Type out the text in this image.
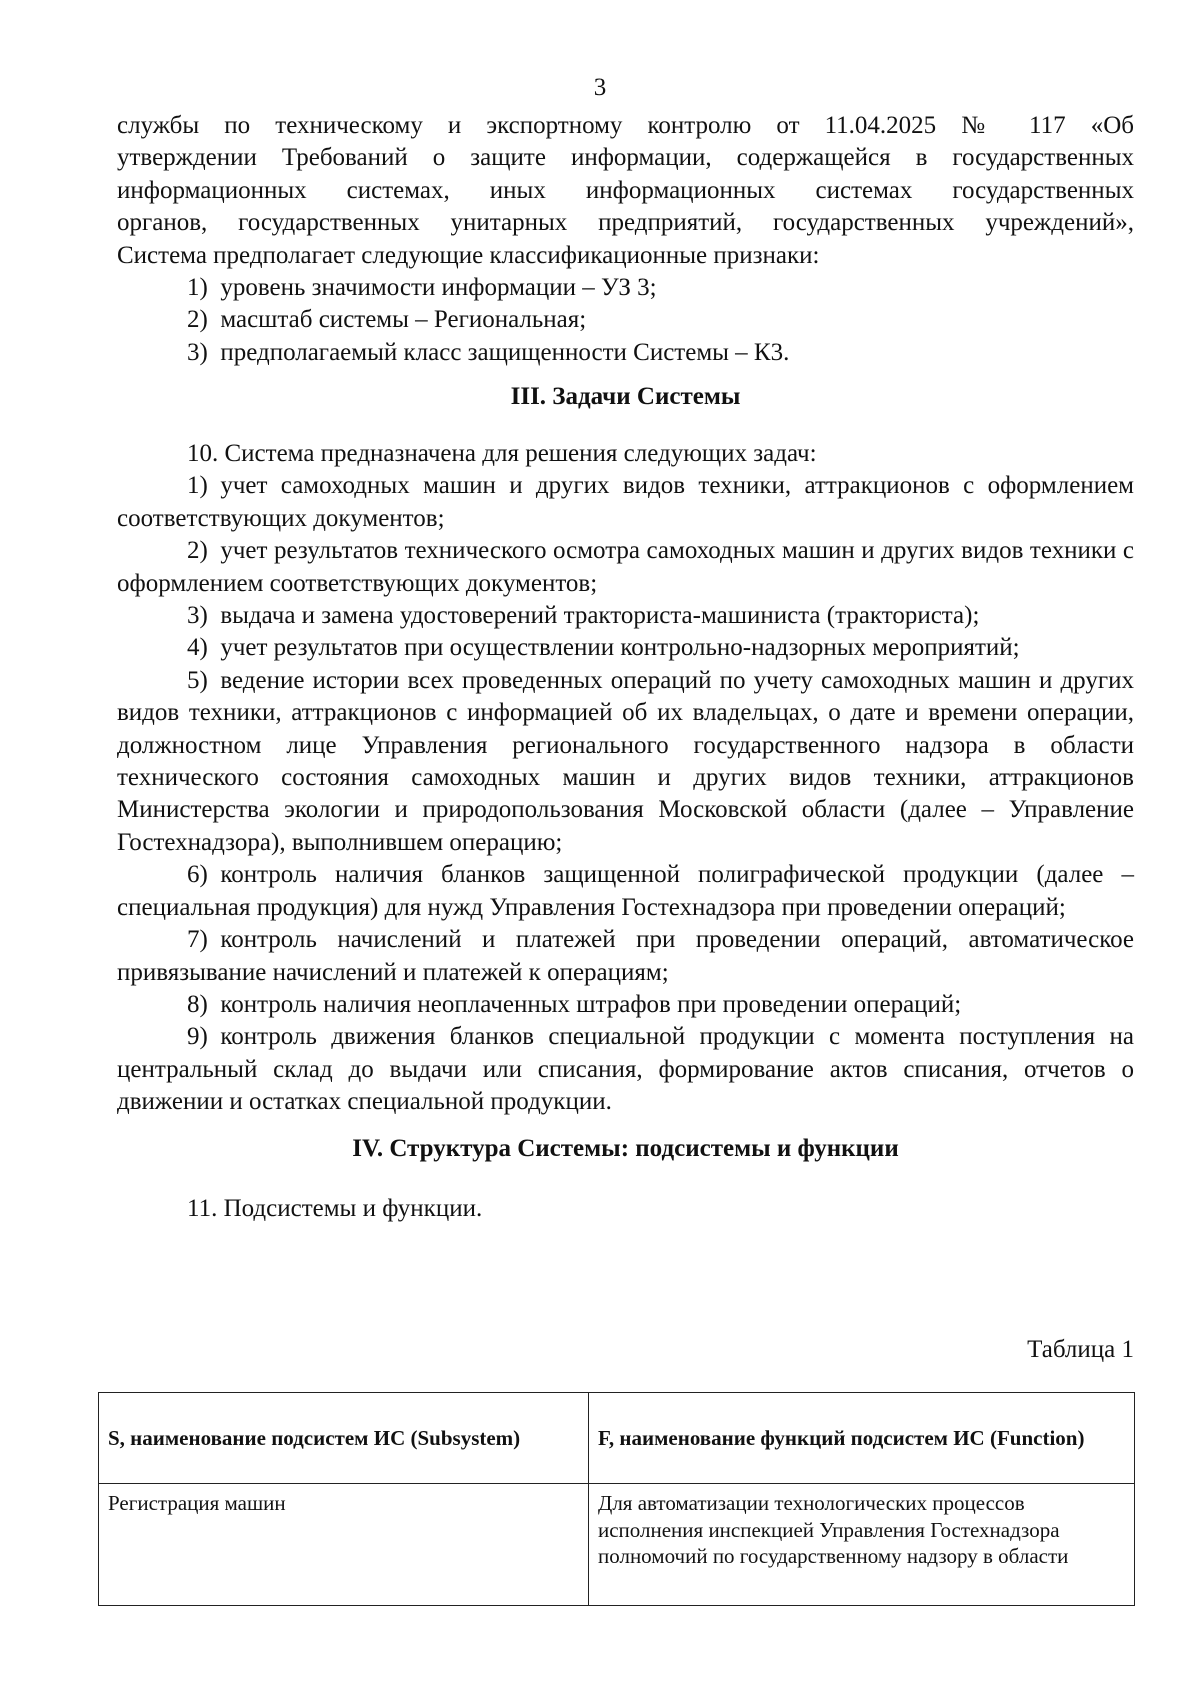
3

службы по техническому и экспортному контролю от 11.04.2025 № 117 «Об

утверждении Требований о защите информации, содержащейся в государственных

информационных системах, иных информационных системах государственных

органов, государственных унитарных предприятий, государственных учреждений»,

Система предполагает следующие классификационные признаки:

1) уровень значимости информации – УЗ 3;

2) масштаб системы – Региональная;

3) предполагаемый класс защищенности Системы – К3.

III. Задачи Системы

10. Система предназначена для решения следующих задач:

1) учет самоходных машин и других видов техники, аттракционов с оформлением соответствующих документов;

2) учет результатов технического осмотра самоходных машин и других видов техники с оформлением соответствующих документов;

3) выдача и замена удостоверений тракториста-машиниста (тракториста);

4) учет результатов при осуществлении контрольно-надзорных мероприятий;

5) ведение истории всех проведенных операций по учету самоходных машин и других видов техники, аттракционов с информацией об их владельцах, о дате и времени операции, должностном лице Управления регионального государственного надзора в области технического состояния самоходных машин и других видов техники, аттракционов Министерства экологии и природопользования Московской области (далее – Управление Гостехнадзора), выполнившем операцию;

6) контроль наличия бланков защищенной полиграфической продукции (далее – специальная продукция) для нужд Управления Гостехнадзора при проведении операций;

7) контроль начислений и платежей при проведении операций, автоматическое привязывание начислений и платежей к операциям;

8) контроль наличия неоплаченных штрафов при проведении операций;

9) контроль движения бланков специальной продукции с момента поступления на центральный склад до выдачи или списания, формирование актов списания, отчетов о движении и остатках специальной продукции.

IV. Структура Системы: подсистемы и функции

11. Подсистемы и функции.

Таблица 1
S, наименование подсистем ИС (Subsystem)	F, наименование функций подсистем ИС (Function)
Регистрация машин	Для автоматизации технологических процессов исполнения инспекцией Управления Гостехнадзора полномочий по государственному надзору в области
